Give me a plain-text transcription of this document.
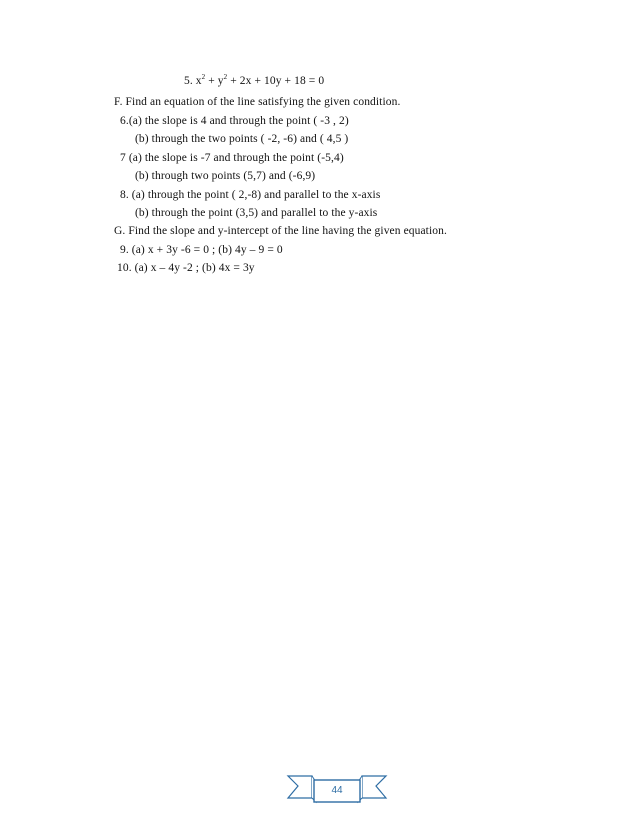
5. $x^2 + y^2 + 2x + 10y + 18 = 0$
F. Find an equation of the line satisfying the given condition.
6.(a) the slope is 4 and through the point ( -3 , 2)
(b) through the two points ( -2, -6) and ( 4,5 )
7 (a) the slope is -7 and through the point (-5,4)
(b) through two points (5,7) and (-6,9)
8. (a) through the point ( 2,-8) and parallel to the x-axis
(b) through the point (3,5) and parallel to the y-axis
G. Find the slope and y-intercept of the line having the given equation.
9. (a) x + 3y -6 = 0 ; (b) 4y – 9 = 0
10. (a) x – 4y -2 ; (b) 4x = 3y
44
